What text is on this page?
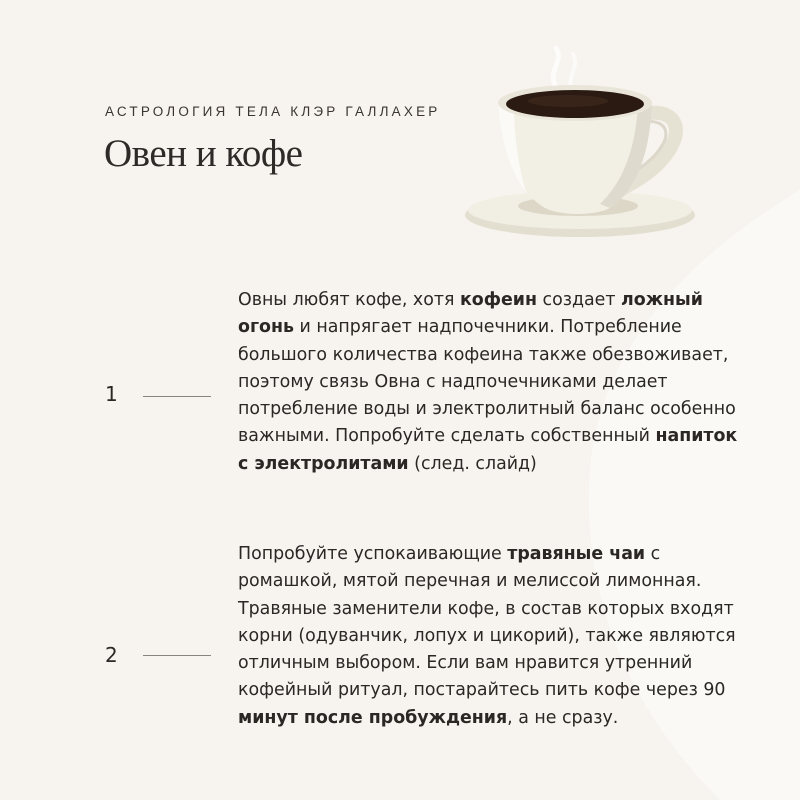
АСТРОЛОГИЯ ТЕЛА КЛЭР ГАЛЛАХЕР
Овен и кофе
1

Овны любят кофе, хотя кофеин создает ложный огонь и напрягает надпочечники. Потребление большого количества кофеина также обезвоживает, поэтому связь Овна с надпочечниками делает потребление воды и электролитный баланс особенно важными. Попробуйте сделать собственный напиток с электролитами (след. слайд)

2

Попробуйте успокаивающие травяные чаи с ромашкой, мятой перечная и мелиссой лимонная. Травяные заменители кофе, в состав которых входят корни (одуванчик, лопух и цикорий), также являются отличным выбором. Если вам нравится утренний кофейный ритуал, постарайтесь пить кофе через 90 минут после пробуждения, а не сразу.
